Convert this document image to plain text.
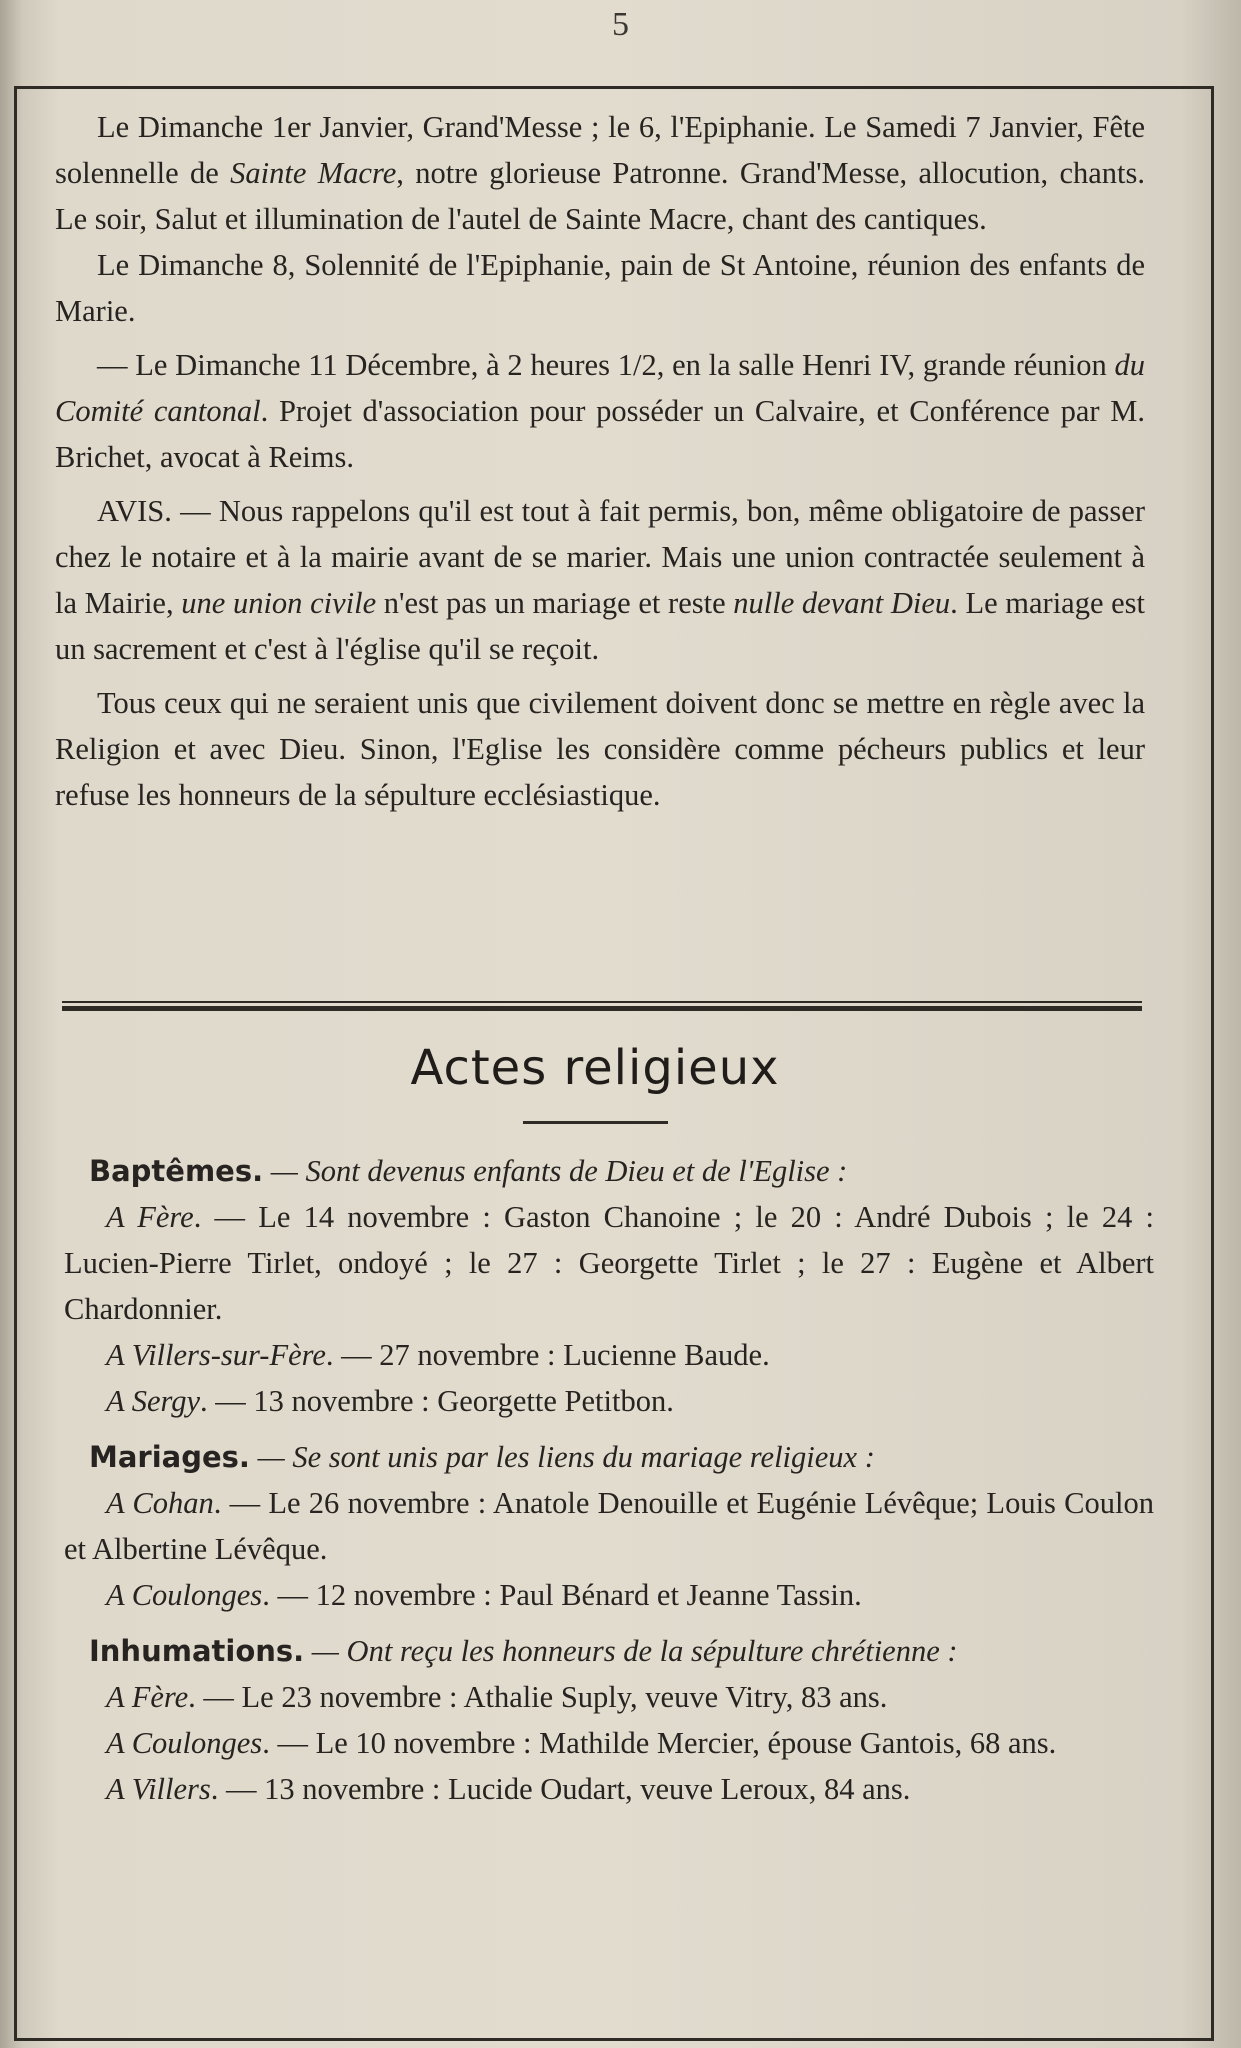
5

Le Dimanche 1er Janvier, Grand'Messe ; le 6, l'Epiphanie. Le Samedi 7 Janvier, Fête solennelle de Sainte Macre, notre glorieuse Patronne. Grand'Messe, allocution, chants. Le soir, Salut et illumination de l'autel de Sainte Macre, chant des cantiques.

Le Dimanche 8, Solennité de l'Epiphanie, pain de St Antoine, réunion des enfants de Marie.

— Le Dimanche 11 Décembre, à 2 heures 1/2, en la salle Henri IV, grande réunion du Comité cantonal. Projet d'association pour posséder un Calvaire, et Conférence par M. Brichet, avocat à Reims.

AVIS. — Nous rappelons qu'il est tout à fait permis, bon, même obligatoire de passer chez le notaire et à la mairie avant de se marier. Mais une union contractée seulement à la Mairie, une union civile n'est pas un mariage et reste nulle devant Dieu. Le mariage est un sacrement et c'est à l'église qu'il se reçoit.

Tous ceux qui ne seraient unis que civilement doivent donc se mettre en règle avec la Religion et avec Dieu. Sinon, l'Eglise les considère comme pécheurs publics et leur refuse les honneurs de la sépulture ecclésiastique.

Actes religieux

Baptêmes. — Sont devenus enfants de Dieu et de l'Eglise :

A Fère. — Le 14 novembre : Gaston Chanoine ; le 20 : André Dubois ; le 24 : Lucien-Pierre Tirlet, ondoyé ; le 27 : Georgette Tirlet ; le 27 : Eugène et Albert Chardonnier.

A Villers-sur-Fère. — 27 novembre : Lucienne Baude.

A Sergy. — 13 novembre : Georgette Petitbon.

Mariages. — Se sont unis par les liens du mariage religieux :

A Cohan. — Le 26 novembre : Anatole Denouille et Eugénie Lévêque; Louis Coulon et Albertine Lévêque.

A Coulonges. — 12 novembre : Paul Bénard et Jeanne Tassin.

Inhumations. — Ont reçu les honneurs de la sépulture chrétienne :

A Fère. — Le 23 novembre : Athalie Suply, veuve Vitry, 83 ans.

A Coulonges. — Le 10 novembre : Mathilde Mercier, épouse Gantois, 68 ans.

A Villers. — 13 novembre : Lucide Oudart, veuve Leroux, 84 ans.
